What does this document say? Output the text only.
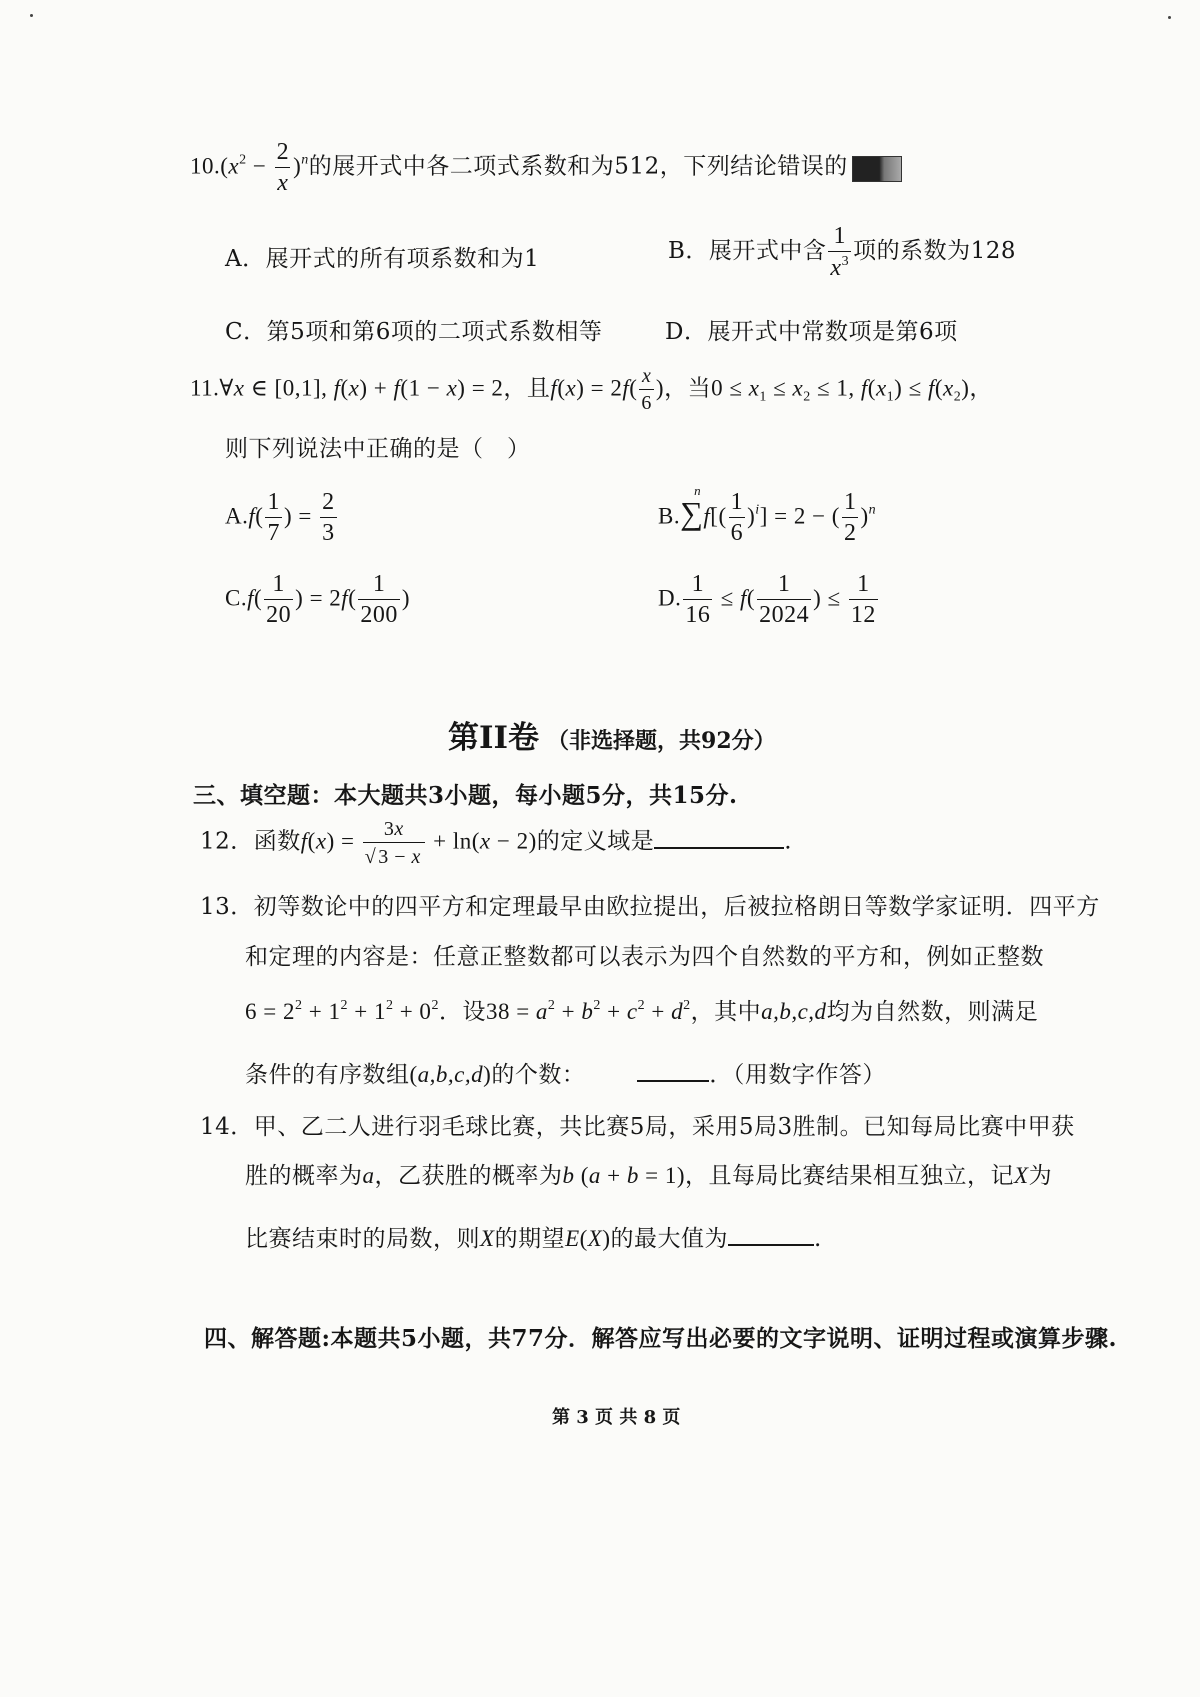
$10.(x^2 - \frac{2}{x} )^n$的展开式中各二项式系数和为512，下列结论错误的
A．展开式的所有项系数和为1	B．展开式中含 $\frac{1}{x^3}$ 项的系数为128
C．第5项和第6项的二项式系数相等	D．展开式中常数项是第6项
11.∀x ∈ [0,1], f(x) + f(1 − x) = 2，且$f(x) = 2f( \frac{x}{6}$ )，当$0 \le x_1 \le x_2 \le 1$, $f(x_1) \le f(x_2)$，
则下列说法中正确的是（　）
$A.f( \frac{1}{7}$ ) = $\frac{2}{3}$	B.∑
n
$f[( \frac{1}{6} )^i] = 2$ − ( $\frac{1}{2} )^n$
$C.f( \frac{1}{20}$ ) = $2f( \frac{1}{200}$ )	D. $\frac{1}{16} \le f( \frac{1}{2024}$ ) ≤ $\frac{1}{12}$
第II卷 （非选择题，共92分）
三、填空题：本大题共3小题，每小题5分，共15分.
12．函数$f(x) = \frac{3x}{√ 3 - x} + \ln(x - 2)$的定义域是	.
13．初等数论中的四平方和定理最早由欧拉提出，后被拉格朗日等数学家证明．四平方
和定理的内容是：任意正整数都可以表示为四个自然数的平方和，例如正整数
$6 = 2^2 + 1^2 + 1^2 + 0^2$．设$38 = a^2 + b^2 + c^2 + d^2$，其中a,b,c,d均为自然数，则满足
条件的有序数组(a,b,c,d)的个数：	．（用数字作答）
14．甲、乙二人进行羽毛球比赛，共比赛5局，采用5局3胜制。已知每局比赛中甲获
胜的概率为a，乙获胜的概率为b (a + b = 1)，且每局比赛结果相互独立，记X为
比赛结束时的局数，则X的期望E(X)的最大值为	.
四、解答题:本题共5小题，共77分．解答应写出必要的文字说明、证明过程或演算步骤.
第 3 页 共 8 页
